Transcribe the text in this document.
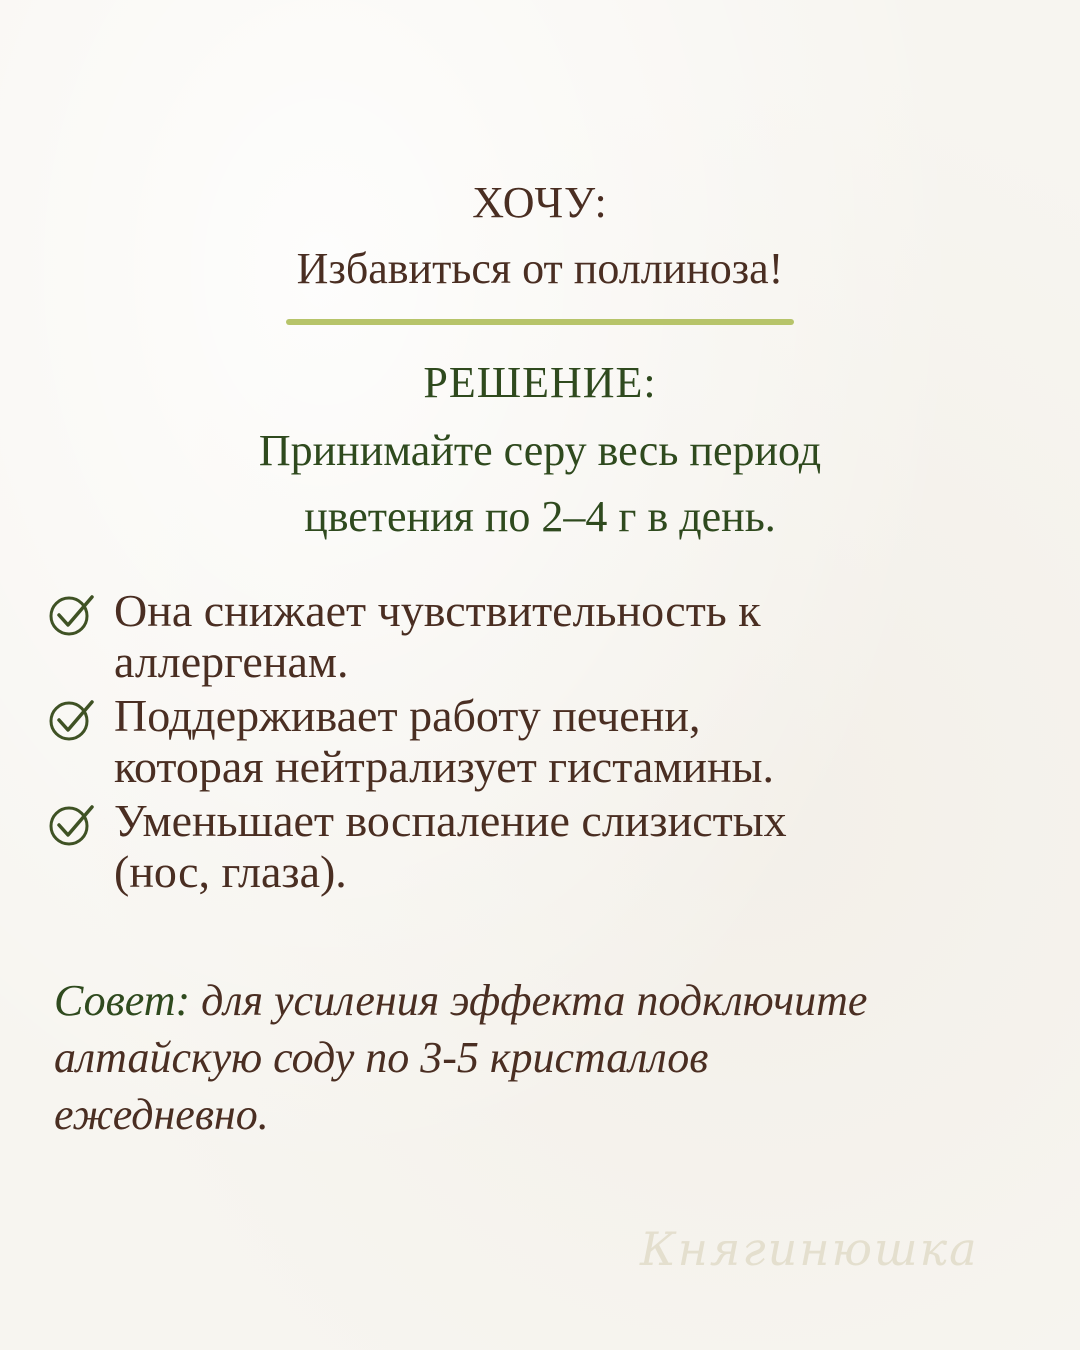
ХОЧУ:

Избавиться от поллиноза!

РЕШЕНИЕ:

Принимайте серу весь период

цветения по 2–4 г в день.

Она снижает чувствительность к
аллергенам.
Поддерживает работу печени,
которая нейтрализует гистамины.
Уменьшает воспаление слизистых
(нос, глаза).
Совет: для усиления эффекта подключите
алтайскую соду по 3-5 кристаллов
ежедневно.
Княгинюшка
